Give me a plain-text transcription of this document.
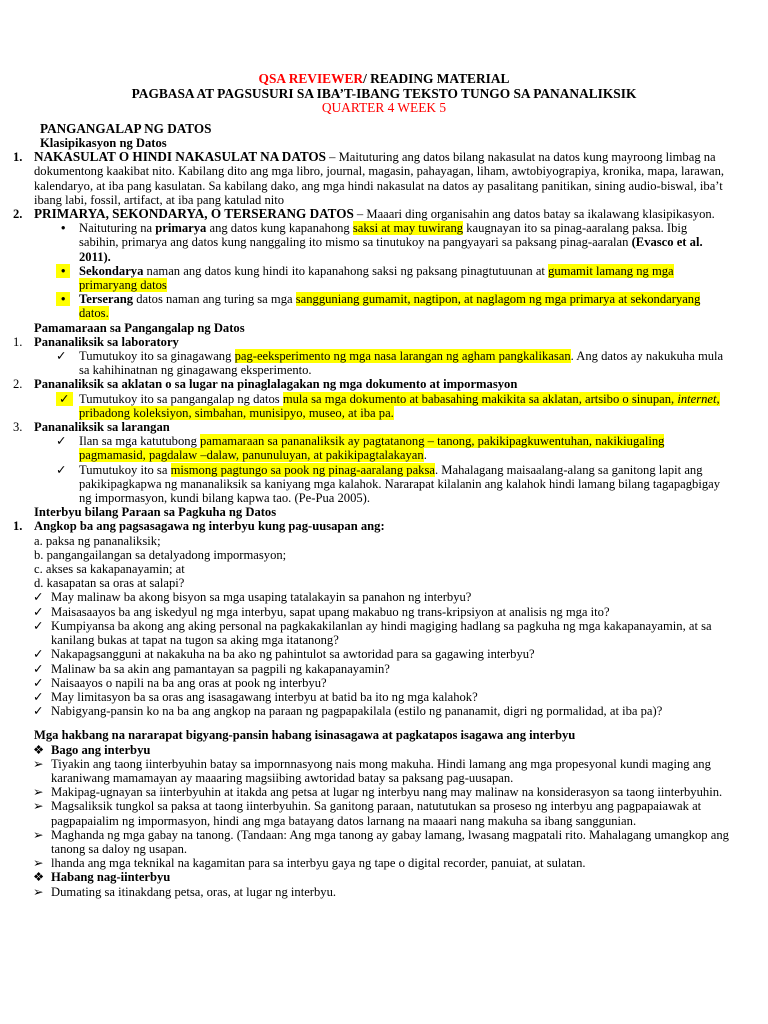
QSA REVIEWER/ READING MATERIAL
PAGBASA AT PAGSUSURI SA IBA’T-IBANG TEKSTO TUNGO SA PANANALIKSIK
QUARTER 4 WEEK 5
PANGANGALAP NG DATOS
Klasipikasyon ng Datos
1. NAKASULAT O HINDI NAKASULAT NA DATOS – Maituturing ang datos bilang nakasulat na datos kung mayroong limbag na dokumentong kaakibat nito. Kabilang dito ang mga libro, journal, magasin, pahayagan, liham, awtobiyograpiya, kronika, mapa, larawan, kalendaryo, at iba pang kasulatan. Sa kabilang dako, ang mga hindi nakasulat na datos ay pasalitang panitikan, sining audio-biswal, iba’t ibang labi, fossil, artifact, at iba pang katulad nito
2. PRIMARYA, SEKONDARYA, O TERSERANG DATOS – Maaari ding organisahin ang datos batay sa ikalawang klasipikasyon.
• Naituturing na primarya ang datos kung kapanahong saksi at may tuwirang kaugnayan ito sa pinag-aaralang paksa. Ibig sabihin, primarya ang datos kung nanggaling ito mismo sa tinutukoy na pangyayari sa paksang pinag-aaralan (Evasco et al. 2011).
•	Sekondarya naman ang datos kung hindi ito kapanahong saksi ng paksang pinagtutuunan at gumamit lamang ng mga primaryang datos
•	Terserang datos naman ang turing sa mga sangguniang gumamit, nagtipon, at naglagom ng mga primarya at sekondaryang datos.
Pamamaraan sa Pangangalap ng Datos
1. Pananaliksik sa laboratory
✓
Tumutukoy ito sa ginagawang pag-eeksperimento ng mga nasa larangan ng agham pangkalikasan. Ang datos ay nakukuha mula sa kahihinatnan ng ginagawang eksperimento.
2. Pananaliksik sa aklatan o sa lugar na pinaglalagakan ng mga dokumento at impormasyon
✓
Tumutukoy ito sa pangangalap ng datos mula sa mga dokumento at babasahing makikita sa aklatan, artsibo o sinupan, internet, pribadong koleksiyon, simbahan, munisipyo, museo, at iba pa.
3. Pananaliksik sa larangan
✓
Ilan sa mga katutubong pamamaraan sa pananaliksik ay pagtatanong – tanong, pakikipagkuwentuhan, nakikiugaling pagmamasid, pagdalaw –dalaw, panunuluyan, at pakikipagtalakayan.
✓
Tumutukoy ito sa mismong pagtungo sa pook ng pinag-aaralang paksa. Mahalagang maisaalang-alang sa ganitong lapit ang pakikipagkapwa ng mananaliksik sa kaniyang mga kalahok. Nararapat kilalanin ang kalahok hindi lamang bilang tagapagbigay ng impormasyon, kundi bilang kapwa tao. (Pe-Pua 2005).
Interbyu bilang Paraan sa Pagkuha ng Datos
1. Angkop ba ang pagsasagawa ng interbyu kung pag-uusapan ang:
a. paksa ng pananaliksik;
b. pangangailangan sa detalyadong impormasyon;
c. akses sa kakapanayamin; at
d. kasapatan sa oras at salapi?
✓
May malinaw ba akong bisyon sa mga usaping tatalakayin sa panahon ng interbyu?
✓
Maisasaayos ba ang iskedyul ng mga interbyu, sapat upang makabuo ng trans-kripsiyon at analisis ng mga ito?
✓
Kumpiyansa ba akong ang aking personal na pagkakakilanlan ay hindi magiging hadlang sa pagkuha ng mga kakapanayamin, at sa kanilang bukas at tapat na tugon sa aking mga itatanong?
✓
Nakapagsangguni at nakakuha na ba ako ng pahintulot sa awtoridad para sa gagawing interbyu?
✓
Malinaw ba sa akin ang pamantayan sa pagpili ng kakapanayamin?
✓
Naisaayos o napili na ba ang oras at pook ng interbyu?
✓
May limitasyon ba sa oras ang isasagawang interbyu at batid ba ito ng mga kalahok?
✓
Nabigyang-pansin ko na ba ang angkop na paraan ng pagpapakilala (estilo ng pananamit, digri ng pormalidad, at iba pa)?
Mga hakbang na nararapat bigyang-pansin habang isinasagawa at pagkatapos isagawa ang interbyu
❖ Bago ang interbyu
➢ Tiyakin ang taong iinterbyuhin batay sa impornnasyong nais mong makuha. Hindi lamang ang mga propesyonal kundi maging ang karaniwang mamamayan ay maaaring magsiibing awtoridad batay sa paksang pag-uusapan.
➢ Makipag-ugnayan sa iinterbyuhin at itakda ang petsa at lugar ng interbyu nang may malinaw na konsiderasyon sa taong iinterbyuhin.
➢ Magsaliksik tungkol sa paksa at taong iinterbyuhin. Sa ganitong paraan, natututukan sa proseso ng interbyu ang pagpapaiawak at pagpapaialim ng impormasyon, hindi ang mga batayang datos larnang na maaari nang makuha sa ibang sanggunian.
➢ Maghanda ng mga gabay na tanong. (Tandaan: Ang mga tanong ay gabay lamang, lwasang magpatali rito. Mahalagang umangkop ang tanong sa daloy ng usapan.
➢ lhanda ang mga teknikal na kagamitan para sa interbyu gaya ng tape o digital recorder, panuiat, at sulatan.
❖ Habang nag-iinterbyu
➢ Dumating sa itinakdang petsa, oras, at lugar ng interbyu.
